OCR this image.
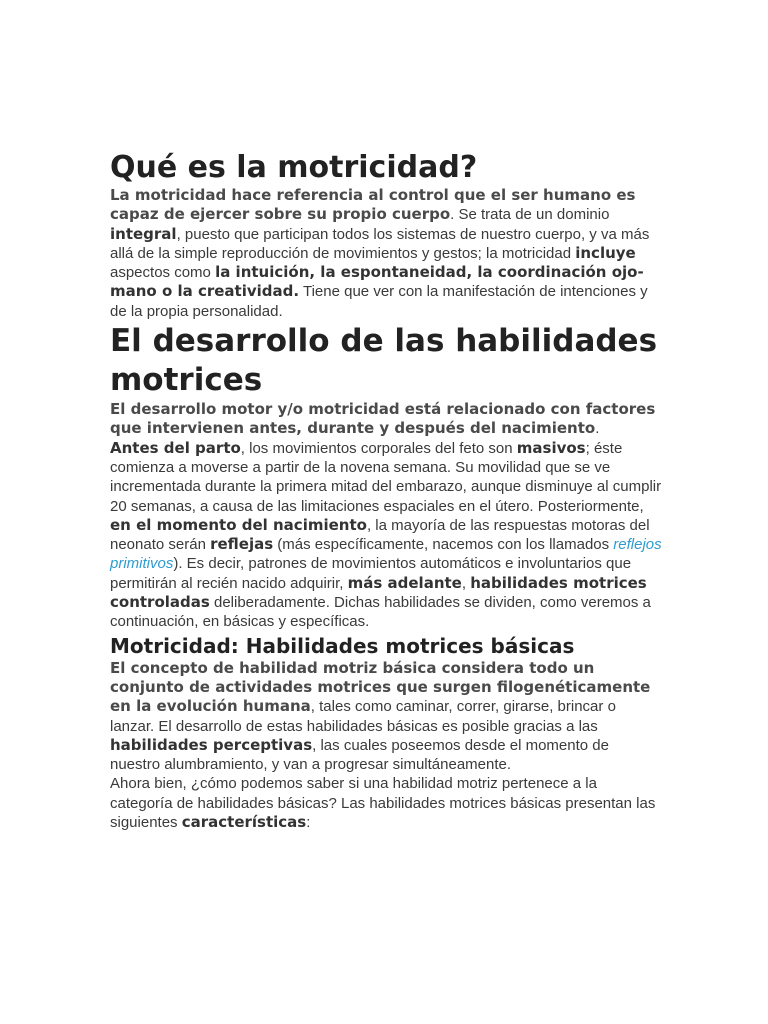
Qué es la motricidad?

La motricidad hace referencia al control que el ser humano es capaz de ejercer sobre su propio cuerpo. Se trata de un dominio integral, puesto que participan todos los sistemas de nuestro cuerpo, y va más allá de la simple reproducción de movimientos y gestos; la motricidad incluye aspectos como la intuición, la espontaneidad, la coordinación ojo-mano o la creatividad. Tiene que ver con la manifestación de intenciones y de la propia personalidad.

El desarrollo de las habilidades motrices

El desarrollo motor y/o motricidad está relacionado con factores que intervienen antes, durante y después del nacimiento.

Antes del parto, los movimientos corporales del feto son masivos; éste comienza a moverse a partir de la novena semana. Su movilidad que se ve incrementada durante la primera mitad del embarazo, aunque disminuye al cumplir 20 semanas, a causa de las limitaciones espaciales en el útero. Posteriormente, en el momento del nacimiento, la mayoría de las respuestas motoras del neonato serán reflejas (más específicamente, nacemos con los llamados reflejos primitivos). Es decir, patrones de movimientos automáticos e involuntarios que permitirán al recién nacido adquirir, más adelante, habilidades motrices controladas deliberadamente. Dichas habilidades se dividen, como veremos a continuación, en básicas y específicas.

Motricidad: Habilidades motrices básicas

El concepto de habilidad motriz básica considera todo un conjunto de actividades motrices que surgen filogenéticamente en la evolución humana, tales como caminar, correr, girarse, brincar o lanzar. El desarrollo de estas habilidades básicas es posible gracias a las habilidades perceptivas, las cuales poseemos desde el momento de nuestro alumbramiento, y van a progresar simultáneamente.

Ahora bien, ¿cómo podemos saber si una habilidad motriz pertenece a la categoría de habilidades básicas? Las habilidades motrices básicas presentan las siguientes características:
